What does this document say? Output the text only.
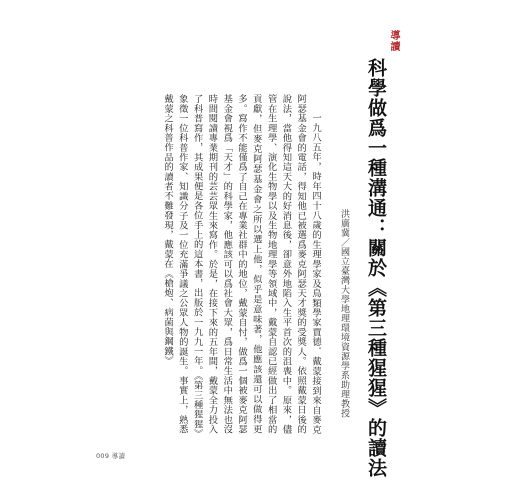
導讀
科學做爲一種溝通：關於《第三種猩猩》的讀法
洪廣冀／國立臺灣大學地理環境資源學系助理教授

一九八五年，時年四十八歲的生理學家及鳥類學家賈德．戴蒙接到來自麥克阿瑟基金會的電話，得知他已被選爲麥克阿瑟天才獎的受獎人。依照戴蒙日後的說法，當他得知這天大的好消息後，卻意外地陷入生平首次的沮喪中。原來，儘管在生理學、演化生物學以及生物地理學等領域中，戴蒙自認已經做出了相當的貢獻，但麥克阿瑟基金會之所以選上他，似乎是意味著，他應該還可以做得更多。寫作不能僅爲了自己在專業社群中的地位，戴蒙自忖，做爲一個被麥克阿瑟基金會視爲「天才」的科學家，他應該可以爲社會大眾，爲日常生活中無法也沒時間閱讀專業期刊的芸芸眾生來寫作。於是，在接下來的五年間，戴蒙全力投入了科普寫作，其成果便是各位手上的這本書，出版於一九九一年。《第三種猩猩》象徵一位科普作家、知識分子及一位充滿爭議之公眾人物的誕生。事實上，熟悉戴蒙之科普作品的讀者不難發現，戴蒙在《槍炮、病菌與鋼鐵》

009 導讀
